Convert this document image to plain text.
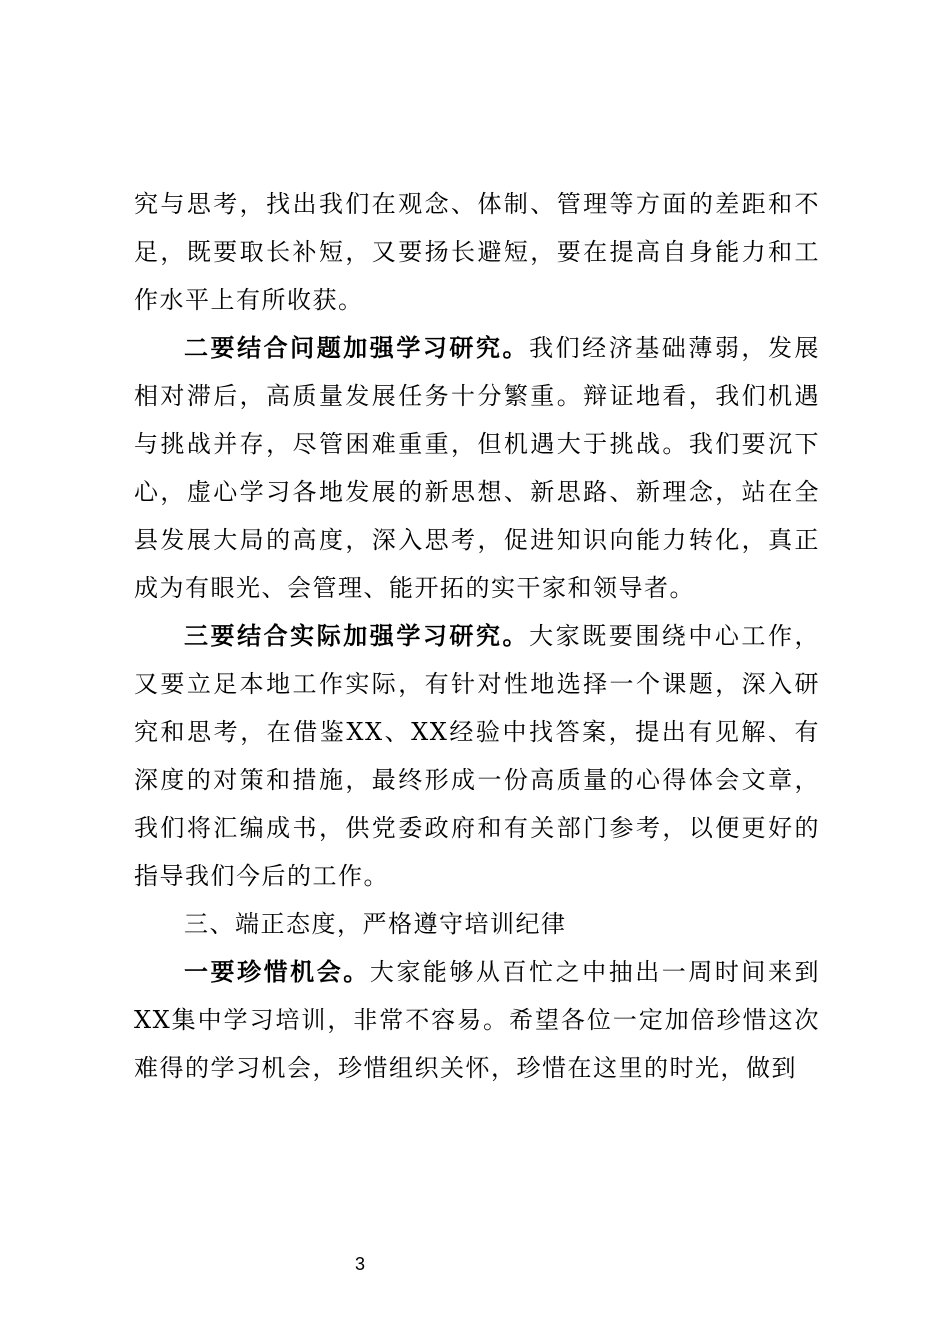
究与思考，找出我们在观念、体制、管理等方面的差距和不足，既要取长补短，又要扬长避短，要在提高自身能力和工作水平上有所收获。

二要结合问题加强学习研究。我们经济基础薄弱，发展相对滞后，高质量发展任务十分繁重。辩证地看，我们机遇与挑战并存，尽管困难重重，但机遇大于挑战。我们要沉下心，虚心学习各地发展的新思想、新思路、新理念，站在全县发展大局的高度，深入思考，促进知识向能力转化，真正成为有眼光、会管理、能开拓的实干家和领导者。

三要结合实际加强学习研究。大家既要围绕中心工作，又要立足本地工作实际，有针对性地选择一个课题，深入研究和思考，在借鉴XX、XX经验中找答案，提出有见解、有深度的对策和措施，最终形成一份高质量的心得体会文章，我们将汇编成书，供党委政府和有关部门参考，以便更好的指导我们今后的工作。

三、端正态度，严格遵守培训纪律

一要珍惜机会。大家能够从百忙之中抽出一周时间来到XX集中学习培训，非常不容易。希望各位一定加倍珍惜这次难得的学习机会，珍惜组织关怀，珍惜在这里的时光，做到

3
